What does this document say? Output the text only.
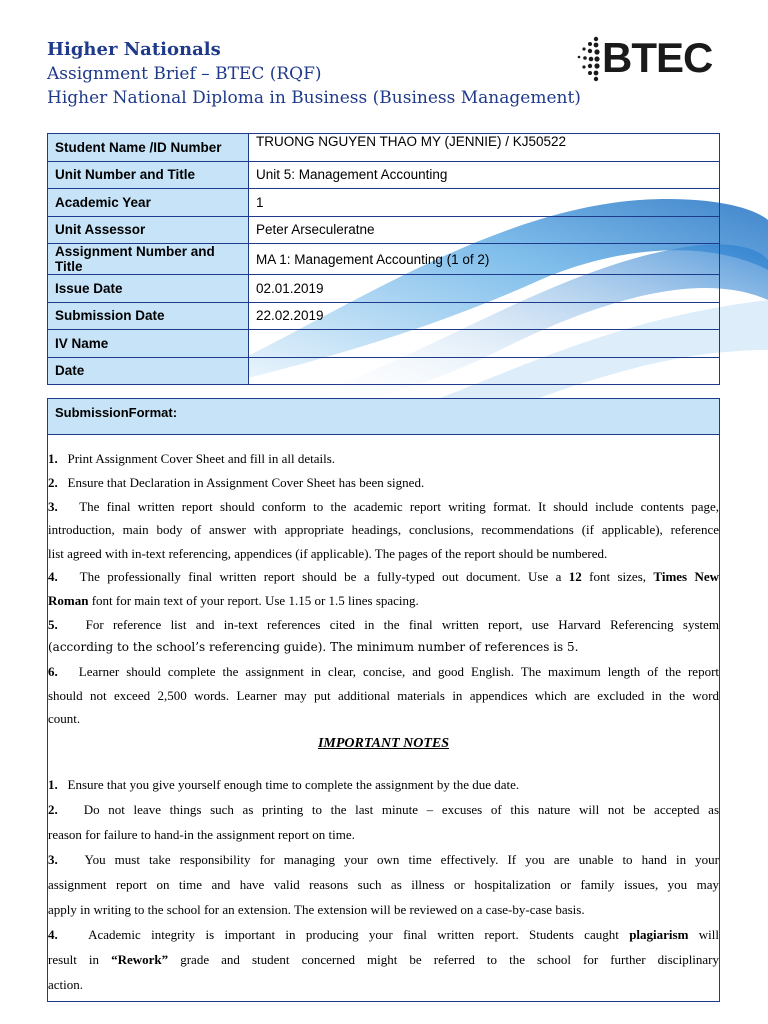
Higher Nationals
Assignment Brief – BTEC (RQF)
Higher National Diploma in Business (Business Management)
BTEC
Student Name /ID Number	TRUONG NGUYEN THAO MY (JENNIE) / KJ50522
Unit Number and Title	Unit 5: Management Accounting
Academic Year	1
Unit Assessor	Peter Arseculeratne
Assignment Number and Title	MA 1: Management Accounting (1 of 2)
Issue Date	02.01.2019
Submission Date	22.02.2019
IV Name	
Date	
SubmissionFormat:
1. Print Assignment Cover Sheet and fill in all details.
2. Ensure that Declaration in Assignment Cover Sheet has been signed.
3. The final written report should conform to the academic report writing format. It should include contents page,
introduction, main body of answer with appropriate headings, conclusions, recommendations (if applicable), reference
list agreed with in-text referencing, appendices (if applicable). The pages of the report should be numbered.
4. The professionally final written report should be a fully-typed out document. Use a 12 font sizes, Times New
Roman font for main text of your report. Use 1.15 or 1.5 lines spacing.
5. For reference list and in-text references cited in the final written report, use Harvard Referencing system
(according to the school’s referencing guide). The minimum number of references is 5.
6. Learner should complete the assignment in clear, concise, and good English. The maximum length of the report
should not exceed 2,500 words. Learner may put additional materials in appendices which are excluded in the word
count.
IMPORTANT NOTES
1. Ensure that you give yourself enough time to complete the assignment by the due date.
2. Do not leave things such as printing to the last minute – excuses of this nature will not be accepted as
reason for failure to hand-in the assignment report on time.
3. You must take responsibility for managing your own time effectively. If you are unable to hand in your
assignment report on time and have valid reasons such as illness or hospitalization or family issues, you may
apply in writing to the school for an extension. The extension will be reviewed on a case-by-case basis.
4. Academic integrity is important in producing your final written report. Students caught plagiarism will
result in “Rework” grade and student concerned might be referred to the school for further disciplinary
action.
